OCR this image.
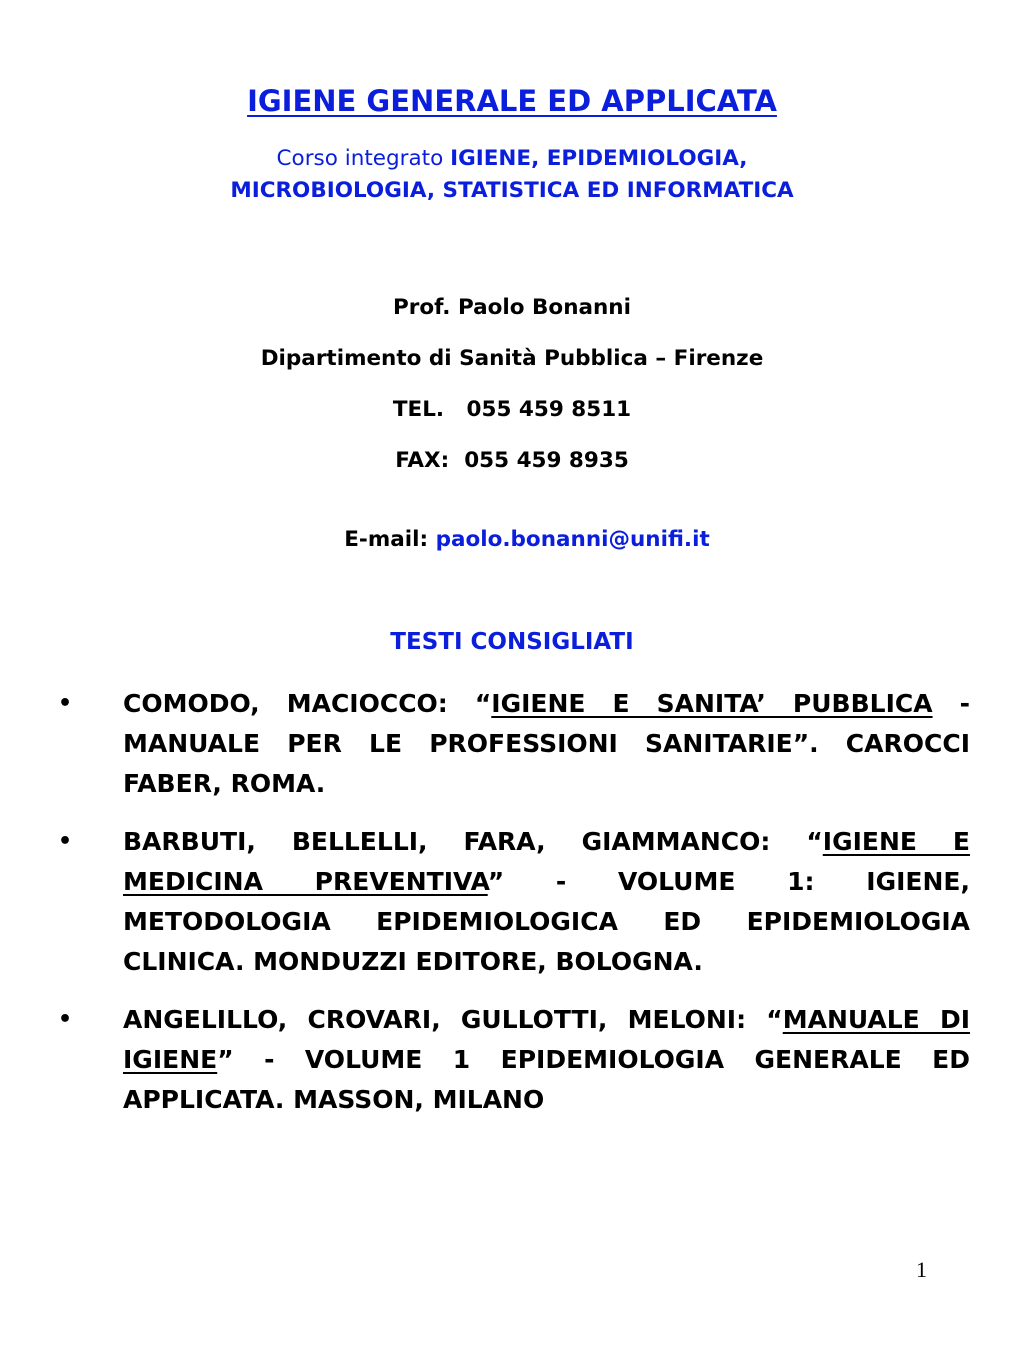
IGIENE GENERALE ED APPLICATA
Corso integrato IGIENE, EPIDEMIOLOGIA,
MICROBIOLOGIA, STATISTICA ED INFORMATICA
Prof. Paolo Bonanni
Dipartimento di Sanità Pubblica – Firenze
TEL.   055 459 8511
FAX:  055 459 8935

E-mail: paolo.bonanni@unifi.it

TESTI CONSIGLIATI
• COMODO, MACIOCCO: “IGIENE E SANITA’ PUBBLICA - MANUALE PER LE PROFESSIONI SANITARIE”. CAROCCI FABER, ROMA.
• BARBUTI, BELLELLI, FARA, GIAMMANCO: “IGIENE E MEDICINA PREVENTIVA” - VOLUME 1: IGIENE, METODOLOGIA EPIDEMIOLOGICA ED EPIDEMIOLOGIA CLINICA. MONDUZZI EDITORE, BOLOGNA.
• ANGELILLO, CROVARI, GULLOTTI, MELONI: “MANUALE DI IGIENE” - VOLUME 1 EPIDEMIOLOGIA GENERALE ED APPLICATA. MASSON, MILANO
1
